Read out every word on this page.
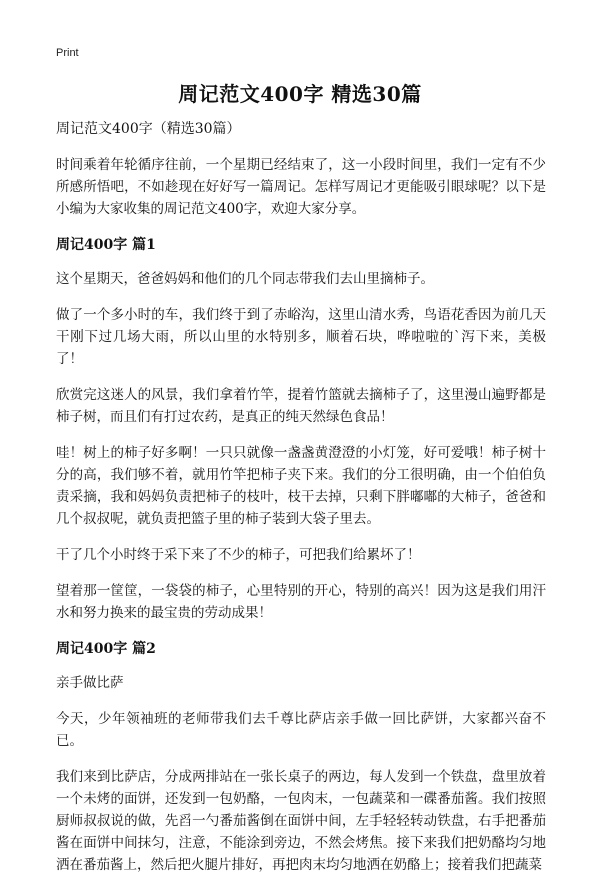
Print
周记范文400字 精选30篇

周记范文400字（精选30篇）

时间乘着年轮循序往前，一个星期已经结束了，这一小段时间里，我们一定有不少所感所悟吧，不如趁现在好好写一篇周记。怎样写周记才更能吸引眼球呢？以下是小编为大家收集的周记范文400字，欢迎大家分享。

周记400字 篇1

这个星期天，爸爸妈妈和他们的几个同志带我们去山里摘柿子。

做了一个多小时的车，我们终于到了赤峪沟，这里山清水秀，鸟语花香因为前几天干刚下过几场大雨，所以山里的水特别多，顺着石块，哗啦啦的`泻下来，美极了！

欣赏完这迷人的风景，我们拿着竹竿，提着竹篮就去摘柿子了，这里漫山遍野都是柿子树，而且们有打过农药，是真正的纯天然绿色食品！

哇！树上的柿子好多啊！一只只就像一盏盏黄澄澄的小灯笼，好可爱哦！柿子树十分的高，我们够不着，就用竹竿把柿子夹下来。我们的分工很明确，由一个伯伯负责采摘，我和妈妈负责把柿子的枝叶，枝干去掉，只剩下胖嘟嘟的大柿子，爸爸和几个叔叔呢，就负责把篮子里的柿子装到大袋子里去。

干了几个小时终于采下来了不少的柿子，可把我们给累坏了！

望着那一筐筐，一袋袋的柿子，心里特别的开心，特别的高兴！因为这是我们用汗水和努力换来的最宝贵的劳动成果！

周记400字 篇2

亲手做比萨

今天，少年领袖班的老师带我们去千尊比萨店亲手做一回比萨饼，大家都兴奋不已。

我们来到比萨店，分成两排站在一张长桌子的两边，每人发到一个铁盘，盘里放着一个未烤的面饼，还发到一包奶酪，一包肉末，一包蔬菜和一碟番茄酱。我们按照厨师叔叔说的做，先舀一勺番茄酱倒在面饼中间，左手轻轻转动铁盘，右手把番茄酱在面饼中间抹匀，注意，不能涂到旁边，不然会烤焦。接下来我们把奶酪均匀地洒在番茄酱上，然后把火腿片排好，再把肉末均匀地洒在奶酪上；接着我们把蔬菜
